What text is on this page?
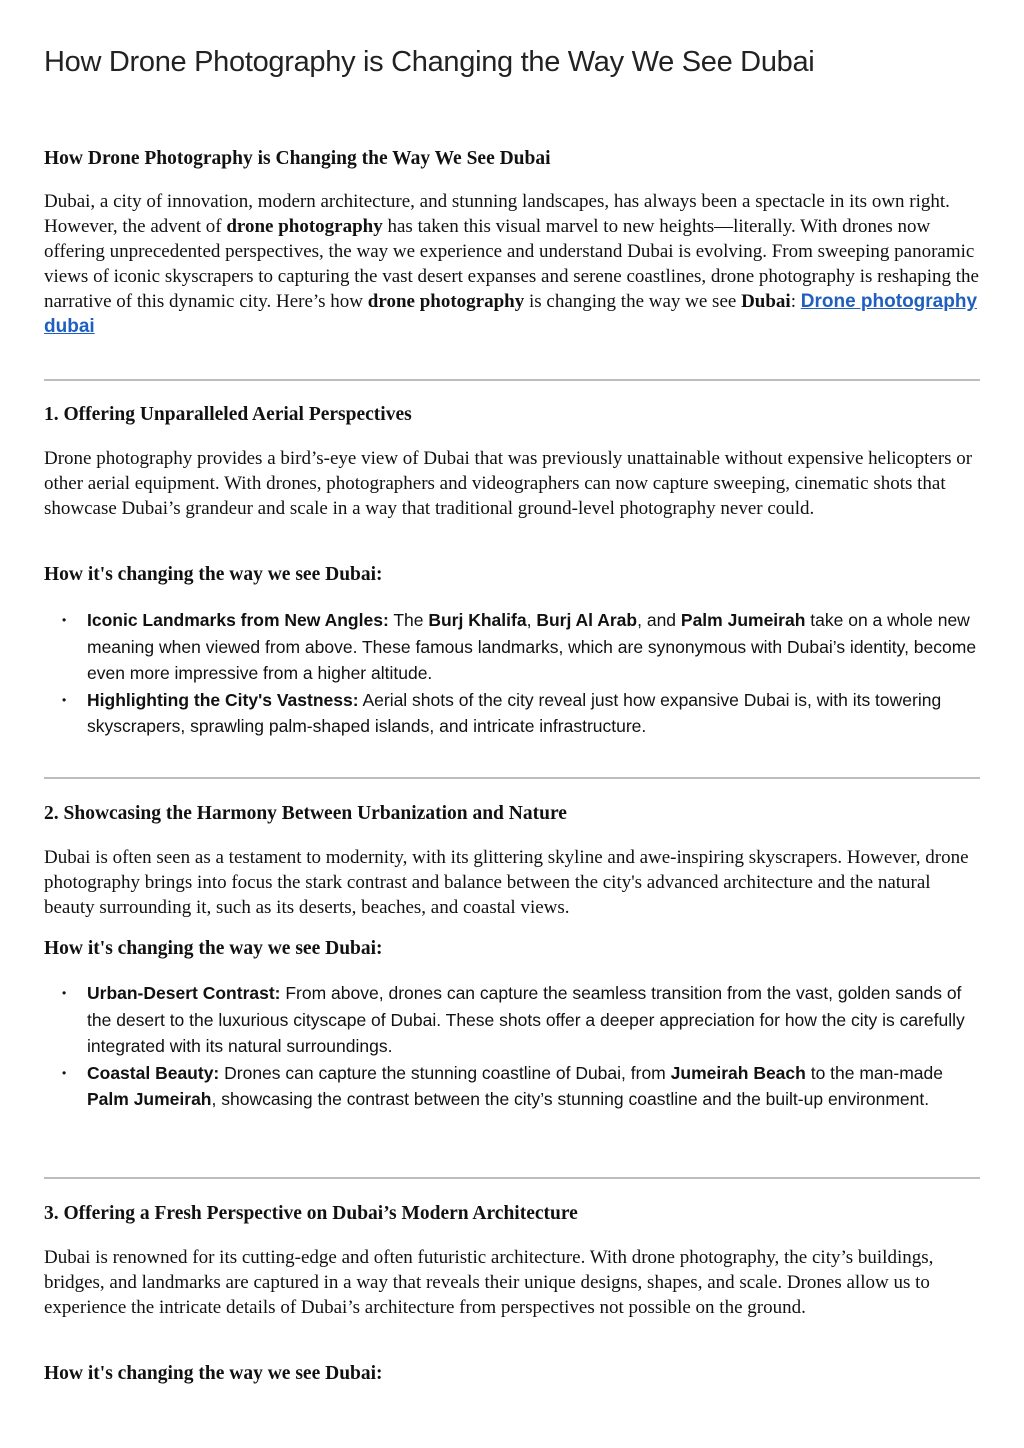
How Drone Photography is Changing the Way We See Dubai
How Drone Photography is Changing the Way We See Dubai

Dubai, a city of innovation, modern architecture, and stunning landscapes, has always been a spectacle in its own right. However, the advent of drone photography has taken this visual marvel to new heights—literally. With drones now offering unprecedented perspectives, the way we experience and understand Dubai is evolving. From sweeping panoramic views of iconic skyscrapers to capturing the vast desert expanses and serene coastlines, drone photography is reshaping the narrative of this dynamic city. Here’s how drone photography is changing the way we see Dubai: Drone photography dubai

1. Offering Unparalleled Aerial Perspectives

Drone photography provides a bird’s-eye view of Dubai that was previously unattainable without expensive helicopters or other aerial equipment. With drones, photographers and videographers can now capture sweeping, cinematic shots that showcase Dubai’s grandeur and scale in a way that traditional ground-level photography never could.

How it's changing the way we see Dubai:
• Iconic Landmarks from New Angles: The Burj Khalifa, Burj Al Arab, and Palm Jumeirah take on a whole new meaning when viewed from above. These famous landmarks, which are synonymous with Dubai’s identity, become even more impressive from a higher altitude.
• Highlighting the City's Vastness: Aerial shots of the city reveal just how expansive Dubai is, with its towering skyscrapers, sprawling palm-shaped islands, and intricate infrastructure.
2. Showcasing the Harmony Between Urbanization and Nature

Dubai is often seen as a testament to modernity, with its glittering skyline and awe-inspiring skyscrapers. However, drone photography brings into focus the stark contrast and balance between the city's advanced architecture and the natural beauty surrounding it, such as its deserts, beaches, and coastal views.

How it's changing the way we see Dubai:
• Urban-Desert Contrast: From above, drones can capture the seamless transition from the vast, golden sands of the desert to the luxurious cityscape of Dubai. These shots offer a deeper appreciation for how the city is carefully integrated with its natural surroundings.
• Coastal Beauty: Drones can capture the stunning coastline of Dubai, from Jumeirah Beach to the man-made Palm Jumeirah, showcasing the contrast between the city’s stunning coastline and the built-up environment.
3. Offering a Fresh Perspective on Dubai’s Modern Architecture

Dubai is renowned for its cutting-edge and often futuristic architecture. With drone photography, the city’s buildings, bridges, and landmarks are captured in a way that reveals their unique designs, shapes, and scale. Drones allow us to experience the intricate details of Dubai’s architecture from perspectives not possible on the ground.

How it's changing the way we see Dubai:
